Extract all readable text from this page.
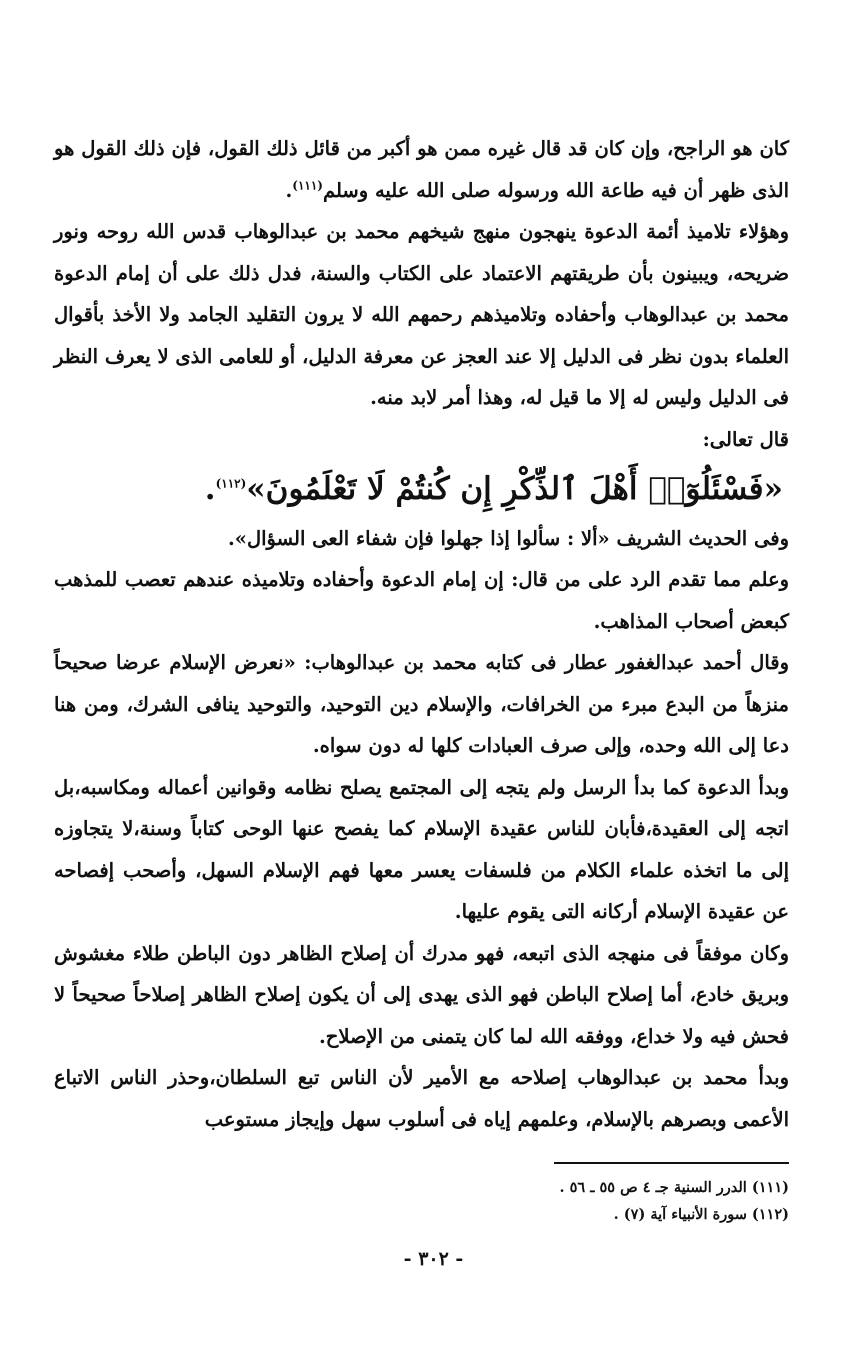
كان هو الراجح، وإن كان قد قال غيره ممن هو أكبر من قائل ذلك القول، فإن ذلك القول هو الذى ظهر أن فيه طاعة الله ورسوله صلى الله عليه وسلم$^{(١١١)}$.

وهؤلاء تلاميذ أئمة الدعوة ينهجون منهج شيخهم محمد بن عبدالوهاب قدس الله روحه ونور ضريحه، ويبينون بأن طريقتهم الاعتماد على الكتاب والسنة، فدل ذلك على أن إمام الدعوة محمد بن عبدالوهاب وأحفاده وتلاميذهم رحمهم الله لا يرون التقليد الجامد ولا الأخذ بأقوال العلماء بدون نظر فى الدليل إلا عند العجز عن معرفة الدليل، أو للعامى الذى لا يعرف النظر فى الدليل وليس له إلا ما قيل له، وهذا أمر لابد منه.

قال تعالى:

«فَسْئَلُوٓا۟ أَهْلَ ٱلذِّكْرِ إِن كُنتُمْ لَا تَعْلَمُونَ»$^{(١١٢)}$.

وفى الحديث الشريف «ألا : سألوا إذا جهلوا فإن شفاء العى السؤال».

وعلم مما تقدم الرد على من قال: إن إمام الدعوة وأحفاده وتلاميذه عندهم تعصب للمذهب كبعض أصحاب المذاهب.

وقال أحمد عبدالغفور عطار فى كتابه محمد بن عبدالوهاب: «نعرض الإسلام عرضا صحيحاً منزهاً من البدع مبرء من الخرافات، والإسلام دين التوحيد، والتوحيد ينافى الشرك، ومن هنا دعا إلى الله وحده، وإلى صرف العبادات كلها له دون سواه.

وبدأ الدعوة كما بدأ الرسل ولم يتجه إلى المجتمع يصلح نظامه وقوانين أعماله ومكاسبه،بل اتجه إلى العقيدة،فأبان للناس عقيدة الإسلام كما يفصح عنها الوحى كتاباً وسنة،لا يتجاوزه إلى ما اتخذه علماء الكلام من فلسفات يعسر معها فهم الإسلام السهل، وأصحب إفصاحه عن عقيدة الإسلام أركانه التى يقوم عليها.

وكان موفقاً فى منهجه الذى اتبعه، فهو مدرك أن إصلاح الظاهر دون الباطن طلاء مغشوش وبريق خادع، أما إصلاح الباطن فهو الذى يهدى إلى أن يكون إصلاح الظاهر إصلاحاً صحيحاً لا فحش فيه ولا خداع، ووفقه الله لما كان يتمنى من الإصلاح.

وبدأ محمد بن عبدالوهاب إصلاحه مع الأمير لأن الناس تبع السلطان،وحذر الناس الاتباع الأعمى وبصرهم بالإسلام، وعلمهم إياه فى أسلوب سهل وإيجاز مستوعب

(١١١) الدرر السنية جـ ٤ ص ٥٥ ـ ٥٦ .

(١١٢) سورة الأنبياء آية (٧) .

- ٣٠٢ -
